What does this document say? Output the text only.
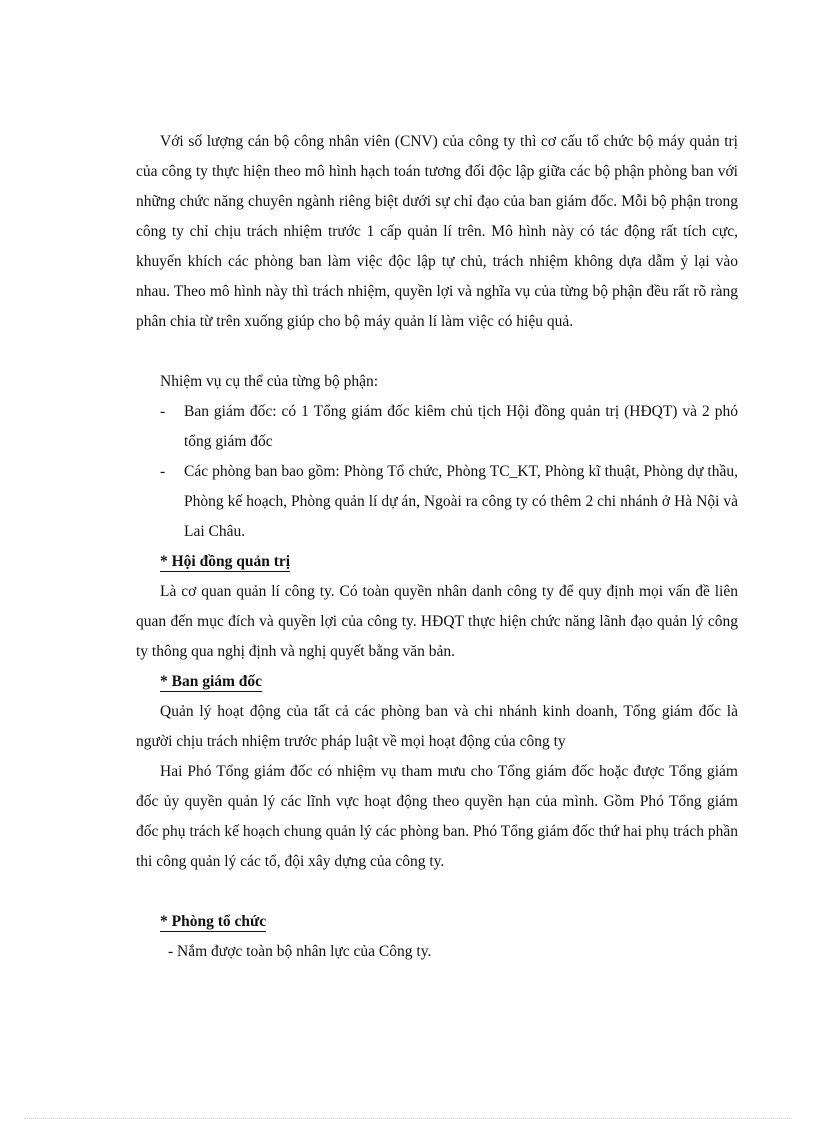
Với số lượng cán bộ công nhân viên (CNV) của công ty thì cơ cấu tổ chức bộ máy quản trị của công ty thực hiện theo mô hình hạch toán tương đối độc lập giữa các bộ phận phòng ban với những chức năng chuyên ngành riêng biệt dưới sự chỉ đạo của ban giám đốc. Mỗi bộ phận trong công ty chỉ chịu trách nhiệm trước 1 cấp quản lí trên. Mô hình này có tác động rất tích cực, khuyến khích các phòng ban làm việc độc lập tự chủ, trách nhiệm không dựa dẫm ỷ lại vào nhau. Theo mô hình này thì trách nhiệm, quyền lợi và nghĩa vụ của từng bộ phận đều rất rõ ràng phân chia từ trên xuống giúp cho bộ máy quản lí làm việc có hiệu quả.

Nhiệm vụ cụ thể của từng bộ phận:

-	Ban giám đốc: có 1 Tổng giám đốc kiêm chủ tịch Hội đồng quản trị (HĐQT) và 2 phó tổng giám đốc
-	Các phòng ban bao gồm: Phòng Tổ chức, Phòng TC_KT, Phòng kĩ thuật, Phòng dự thầu, Phòng kế hoạch, Phòng quản lí dự án, Ngoài ra công ty có thêm 2 chi nhánh ở Hà Nội và Lai Châu.
* Hội đồng quản trị

Là cơ quan quản lí công ty. Có toàn quyền nhân danh công ty để quy định mọi vấn đề liên quan đến mục đích và quyền lợi của công ty. HĐQT thực hiện chức năng lãnh đạo quản lý công ty thông qua nghị định và nghị quyết bằng văn bản.

* Ban giám đốc

Quản lý hoạt động của tất cả các phòng ban và chi nhánh kinh doanh, Tổng giám đốc là người chịu trách nhiệm trước pháp luật về mọi hoạt động của công ty

Hai Phó Tổng giám đốc có nhiệm vụ tham mưu cho Tổng giám đốc hoặc được Tổng giám đốc ủy quyền quản lý các lĩnh vực hoạt động theo quyền hạn của mình. Gồm Phó Tổng giám đốc phụ trách kế hoạch chung quản lý các phòng ban. Phó Tổng giám đốc thứ hai phụ trách phần thi công quản lý các tổ, đội xây dựng của công ty.

* Phòng tổ chức

- Nắm được toàn bộ nhân lực của Công ty.
